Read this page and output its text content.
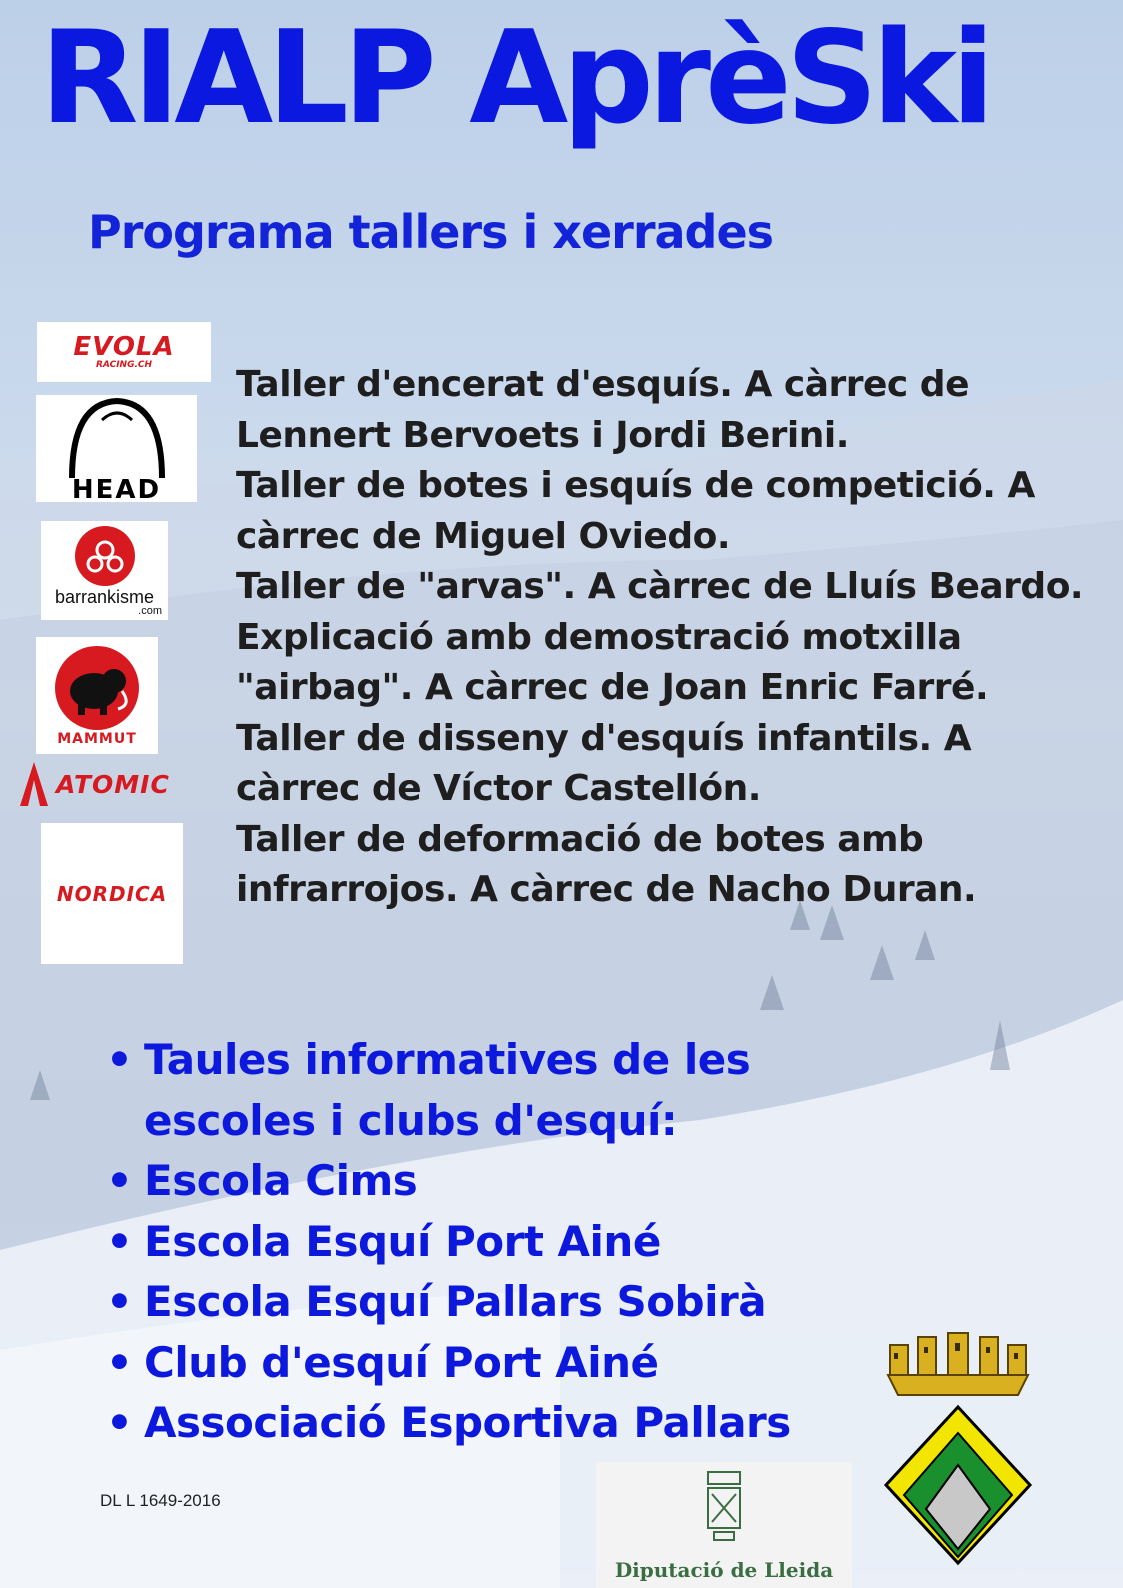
RIALP AprèSki
Programa tallers i xerrades
EVOLA
RACING.CH
HEAD
barrankisme
.com
MAMMUT
ATOMIC
NORDICA

Taller d'encerat d'esquís. A càrrec de Lennert Bervoets i Jordi Berini.

Taller de botes i esquís de competició. A càrrec de Miguel Oviedo.

Taller de "arvas". A càrrec de Lluís Beardo.

Explicació amb demostració motxilla "airbag". A càrrec de Joan Enric Farré.

Taller de disseny d'esquís infantils. A càrrec de Víctor Castellón.

Taller de deformació de botes amb infrarrojos. A càrrec de Nacho Duran.

• Taules informatives de les escoles i clubs d'esquí:
• Escola Cims
• Escola Esquí Port Ainé
• Escola Esquí Pallars Sobirà
• Club d'esquí Port Ainé
• Associació Esportiva Pallars
DL L 1649-2016
Diputació de Lleida
